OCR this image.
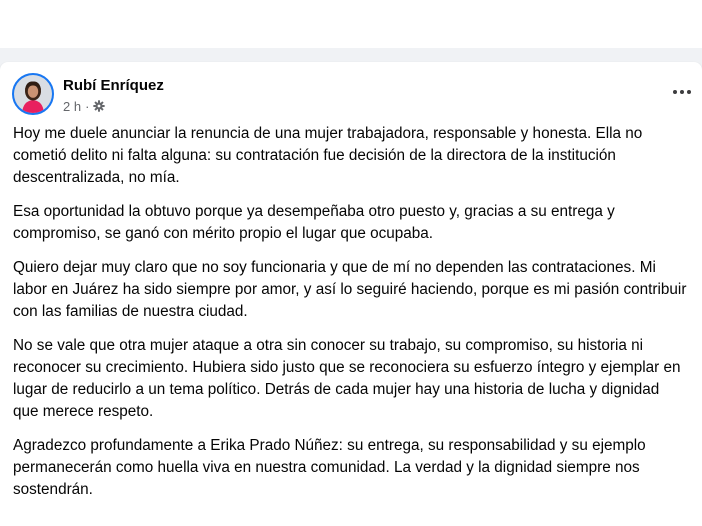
Rubí Enríquez
2 h ·

Hoy me duele anunciar la renuncia de una mujer trabajadora, responsable y honesta. Ella no cometió delito ni falta alguna: su contratación fue decisión de la directora de la institución descentralizada, no mía.

Esa oportunidad la obtuvo porque ya desempeñaba otro puesto y, gracias a su entrega y compromiso, se ganó con mérito propio el lugar que ocupaba.

Quiero dejar muy claro que no soy funcionaria y que de mí no dependen las contrataciones. Mi labor en Juárez ha sido siempre por amor, y así lo seguiré haciendo, porque es mi pasión contribuir con las familias de nuestra ciudad.

No se vale que otra mujer ataque a otra sin conocer su trabajo, su compromiso, su historia ni reconocer su crecimiento. Hubiera sido justo que se reconociera su esfuerzo íntegro y ejemplar en lugar de reducirlo a un tema político. Detrás de cada mujer hay una historia de lucha y dignidad que merece respeto.

Agradezco profundamente a Erika Prado Núñez: su entrega, su responsabilidad y su ejemplo permanecerán como huella viva en nuestra comunidad. La verdad y la dignidad siempre nos sostendrán.
